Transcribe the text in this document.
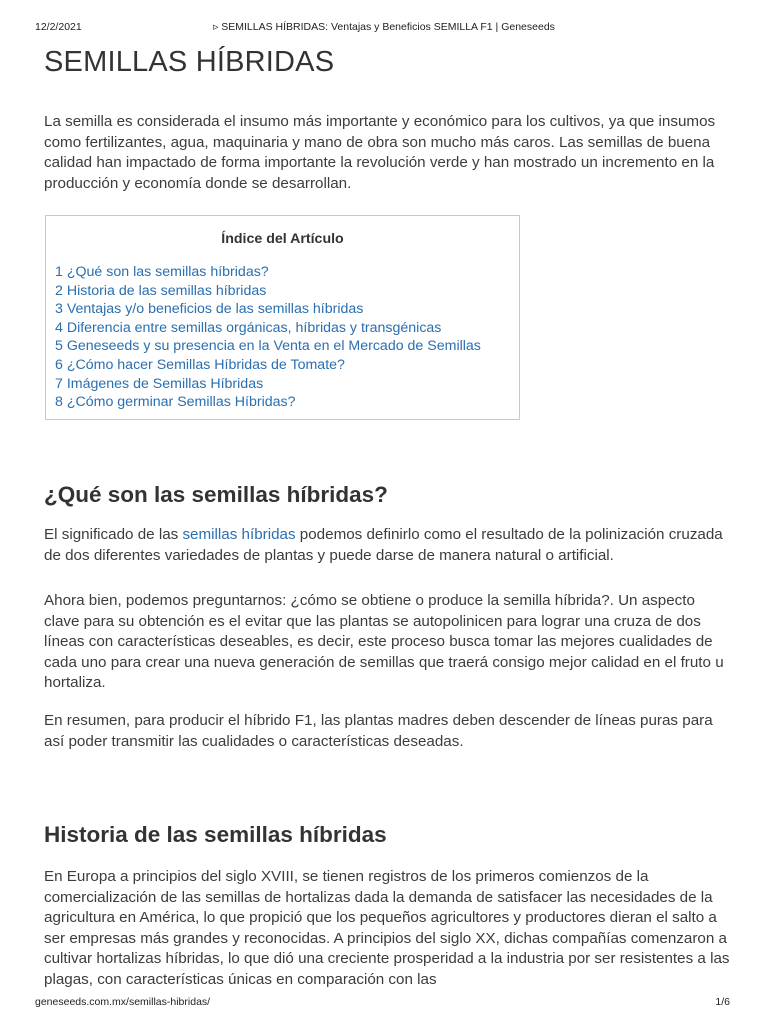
12/2/2021	▹ SEMILLAS HÍBRIDAS: Ventajas y Beneficios SEMILLA F1 | Geneseeds
SEMILLAS HÍBRIDAS

La semilla es considerada el insumo más importante y económico para los cultivos, ya que insumos como fertilizantes, agua, maquinaria y mano de obra son mucho más caros. Las semillas de buena calidad han impactado de forma importante la revolución verde y han mostrado un incremento en la producción y economía donde se desarrollan.

Índice del Artículo
1 ¿Qué son las semillas híbridas?
2 Historia de las semillas híbridas
3 Ventajas y/o beneficios de las semillas híbridas
4 Diferencia entre semillas orgánicas, híbridas y transgénicas
5 Geneseeds y su presencia en la Venta en el Mercado de Semillas
6 ¿Cómo hacer Semillas Híbridas de Tomate?
7 Imágenes de Semillas Híbridas
8 ¿Cómo germinar Semillas Híbridas?
¿Qué son las semillas híbridas?

El significado de las semillas híbridas podemos definirlo como el resultado de la polinización cruzada de dos diferentes variedades de plantas y puede darse de manera natural o artificial.

Ahora bien, podemos preguntarnos: ¿cómo se obtiene o produce la semilla híbrida?. Un aspecto clave para su obtención es el evitar que las plantas se autopolinicen para lograr una cruza de dos líneas con características deseables, es decir, este proceso busca tomar las mejores cualidades de cada uno para crear una nueva generación de semillas que traerá consigo mejor calidad en el fruto u hortaliza.

En resumen, para producir el híbrido F1, las plantas madres deben descender de líneas puras para así poder transmitir las cualidades o características deseadas.

Historia de las semillas híbridas

En Europa a principios del siglo XVIII, se tienen registros de los primeros comienzos de la comercialización de las semillas de hortalizas dada la demanda de satisfacer las necesidades de la agricultura en América, lo que propició que los pequeños agricultores y productores dieran el salto a ser empresas más grandes y reconocidas. A principios del siglo XX, dichas compañías comenzaron a cultivar hortalizas híbridas, lo que dió una creciente prosperidad a la industria por ser resistentes a las plagas, con características únicas en comparación con las

geneseeds.com.mx/semillas-hibridas/	1/6
